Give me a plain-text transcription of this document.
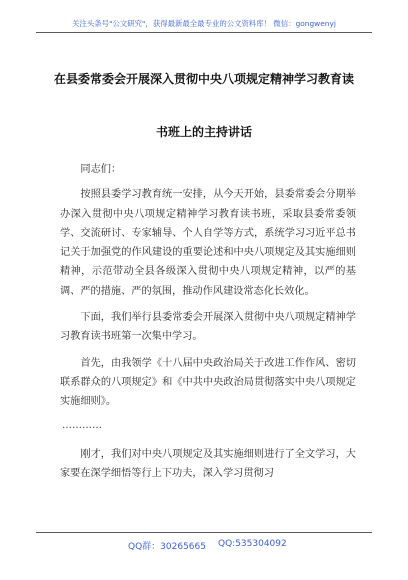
关注头条号"公文研究"，获得最新最全最专业的公文资料库！ 微信：gongwenyj
在县委常委会开展深入贯彻中央八项规定精神学习教育读
书班上的主持讲话

同志们：

按照县委学习教育统一安排，从今天开始，县委常委会分期举办深入贯彻中央八项规定精神学习教育读书班，采取县委常委领学、交流研讨、专家辅导、个人自学等方式，系统学习习近平总书记关于加强党的作风建设的重要论述和中央八项规定及其实施细则精神，示范带动全县各级深入贯彻中央八项规定精神，以严的基调、严的措施、严的氛围，推动作风建设常态化长效化。

下面，我们举行县委常委会开展深入贯彻中央八项规定精神学习教育读书班第一次集中学习。

首先，由我领学《十八届中央政治局关于改进工作作风、密切联系群众的八项规定》和《中共中央政治局贯彻落实中央八项规定实施细则》。

…………

刚才，我们对中央八项规定及其实施细则进行了全文学习，大家要在深学细悟等行上下功夫，深入学习贯彻习

QQ群：30265665 QQ:535304092
